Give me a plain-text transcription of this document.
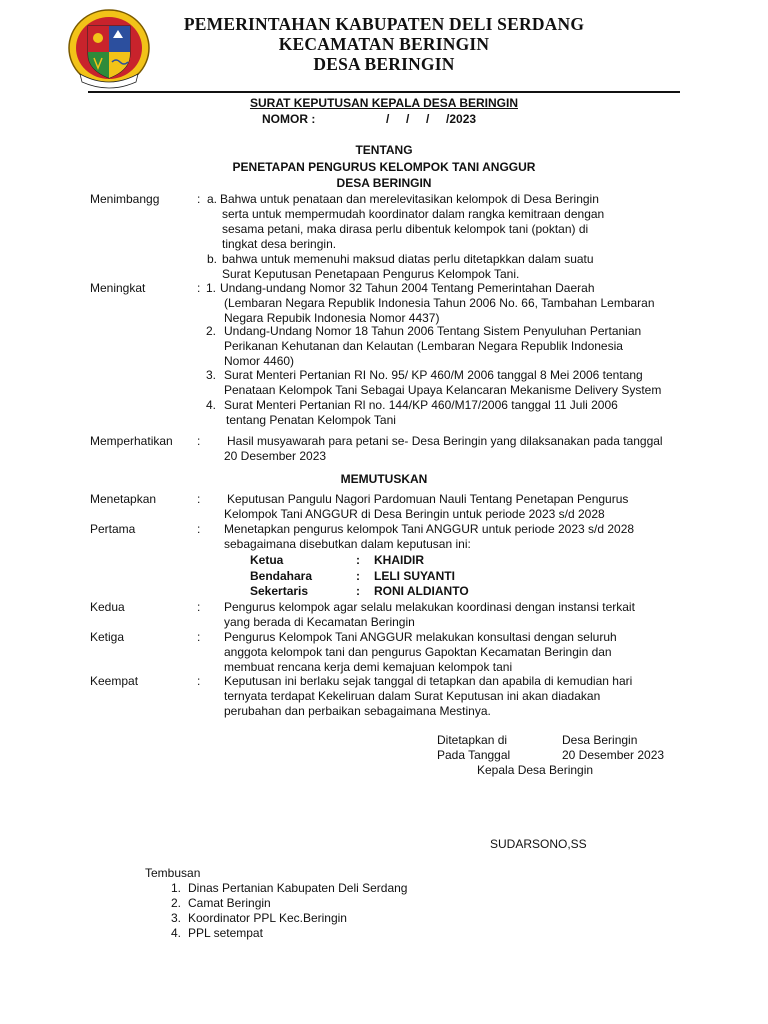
PEMERINTAHAN KABUPATEN DELI SERDANG
KECAMATAN BERINGIN
DESA BERINGIN
SURAT KEPUTUSAN KEPALA DESA BERINGIN
NOMOR :	/     /     /     /2023
TENTANG
PENETAPAN PENGURUS KELOMPOK TANI ANGGUR
DESA BERINGIN
Menimbangg	: a. Bahwa untuk penataan dan merelevitasikan kelompok di Desa Beringin
serta untuk mempermudah koordinator dalam rangka kemitraan dengan
sesama petani, maka dirasa perlu dibentuk kelompok tani (poktan) di
tingkat desa beringin.
b. bahwa untuk memenuhi maksud diatas perlu ditetapkkan dalam suatu
Surat Keputusan Penetapaan Pengurus Kelompok Tani.
Meningkat	: 1. Undang-undang Nomor 32 Tahun 2004 Tentang Pemerintahan Daerah
(Lembaran Negara Republik Indonesia Tahun 2006 No. 66, Tambahan Lembaran
Negara Repubik Indonesia Nomor 4437)
2. Undang-Undang Nomor 18 Tahun 2006 Tentang Sistem Penyuluhan Pertanian
Perikanan Kehutanan dan Kelautan (Lembaran Negara Republik Indonesia
Nomor 4460)
3. Surat Menteri Pertanian RI No. 95/ KP 460/M 2006 tanggal 8 Mei 2006 tentang
Penataan Kelompok Tani Sebagai Upaya Kelancaran Mekanisme Delivery System
4. Surat Menteri Pertanian Rl no. 144/KP 460/M17/2006 tanggal 11 Juli 2006
tentang Penatan Kelompok Tani
Memperhatikan : Hasil musyawarah para petani se- Desa Beringin yang dilaksanakan pada tanggal
20 Desember 2023
MEMUTUSKAN
Menetapkan	: Keputusan Pangulu Nagori Pardomuan Nauli Tentang Penetapan Pengurus
Kelompok Tani ANGGUR di Desa Beringin untuk periode 2023 s/d 2028
Pertama	: Menetapkan pengurus kelompok Tani ANGGUR untuk periode 2023 s/d 2028
sebagaimana disebutkan dalam keputusan ini:
Ketua	: KHAIDIR
Bendahara	: LELI SUYANTI
Sekertaris	: RONI ALDIANTO
Kedua	: Pengurus kelompok agar selalu melakukan koordinasi dengan instansi terkait
yang berada di Kecamatan Beringin
Ketiga	: Pengurus Kelompok Tani ANGGUR melakukan konsultasi dengan seluruh
anggota kelompok tani dan pengurus Gapoktan Kecamatan Beringin dan
membuat rencana kerja demi kemajuan kelompok tani
Keempat	: Keputusan ini berlaku sejak tanggal di tetapkan dan apabila di kemudian hari
ternyata terdapat Kekeliruan dalam Surat Keputusan ini akan diadakan
perubahan dan perbaikan sebagaimana Mestinya.
Ditetapkan di	Desa Beringin
Pada Tanggal	20 Desember 2023
Kepala Desa Beringin
SUDARSONO,SS
Tembusan
1. Dinas Pertanian Kabupaten Deli Serdang
2. Camat Beringin
3. Koordinator PPL Kec.Beringin
4. PPL setempat
